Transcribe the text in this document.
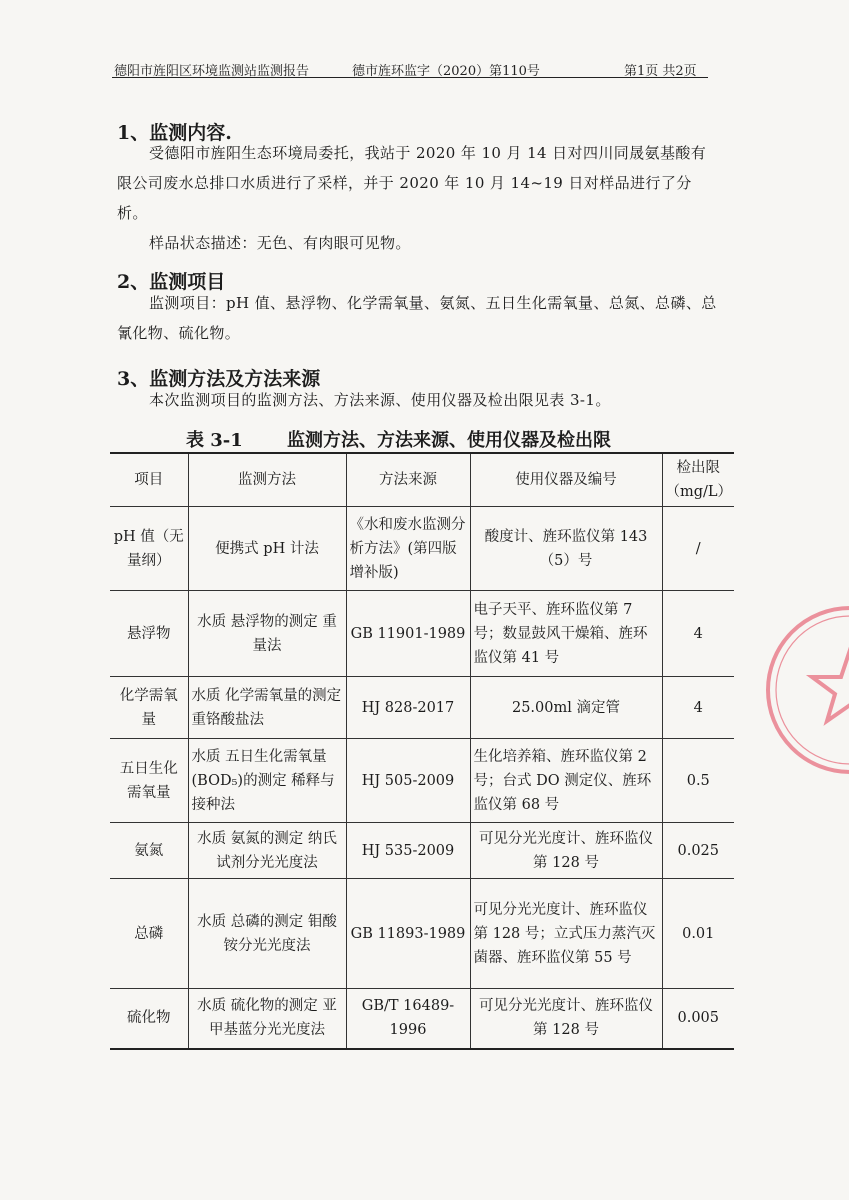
德阳市旌阳区环境监测站监测报告	德市旌环监字（2020）第110号	第1页 共2页
1、监测内容.
受德阳市旌阳生态环境局委托，我站于 2020 年 10 月 14 日对四川同晟氨基酸有限公司废水总排口水质进行了采样，并于 2020 年 10 月 14~19 日对样品进行了分析。
样品状态描述：无色、有肉眼可见物。
2、监测项目
监测项目：pH 值、悬浮物、化学需氧量、氨氮、五日生化需氧量、总氮、总磷、总氰化物、硫化物。
3、监测方法及方法来源
本次监测项目的监测方法、方法来源、使用仪器及检出限见表 3-1。
表 3-1 监测方法、方法来源、使用仪器及检出限
项目	监测方法	方法来源	使用仪器及编号	检出限（mg/L）
pH 值（无量纲）	便携式 pH 计法	《水和废水监测分析方法》(第四版增补版)	酸度计、旌环监仪第 143（5）号	/
悬浮物	水质 悬浮物的测定 重量法	GB 11901-1989	电子天平、旌环监仪第 7 号；数显鼓风干燥箱、旌环监仪第 41 号	4
化学需氧量	水质 化学需氧量的测定 重铬酸盐法	HJ 828-2017	25.00ml 滴定管	4
五日生化需氧量	水质 五日生化需氧量(BOD₅)的测定 稀释与接种法	HJ 505-2009	生化培养箱、旌环监仪第 2 号；台式 DO 测定仪、旌环监仪第 68 号	0.5
氨氮	水质 氨氮的测定 纳氏试剂分光光度法	HJ 535-2009	可见分光光度计、旌环监仪第 128 号	0.025
总磷	水质 总磷的测定 钼酸铵分光光度法	GB 11893-1989	可见分光光度计、旌环监仪第 128 号；立式压力蒸汽灭菌器、旌环监仪第 55 号	0.01
硫化物	水质 硫化物的测定 亚甲基蓝分光光度法	GB/T 16489-1996	可见分光光度计、旌环监仪第 128 号	0.005
